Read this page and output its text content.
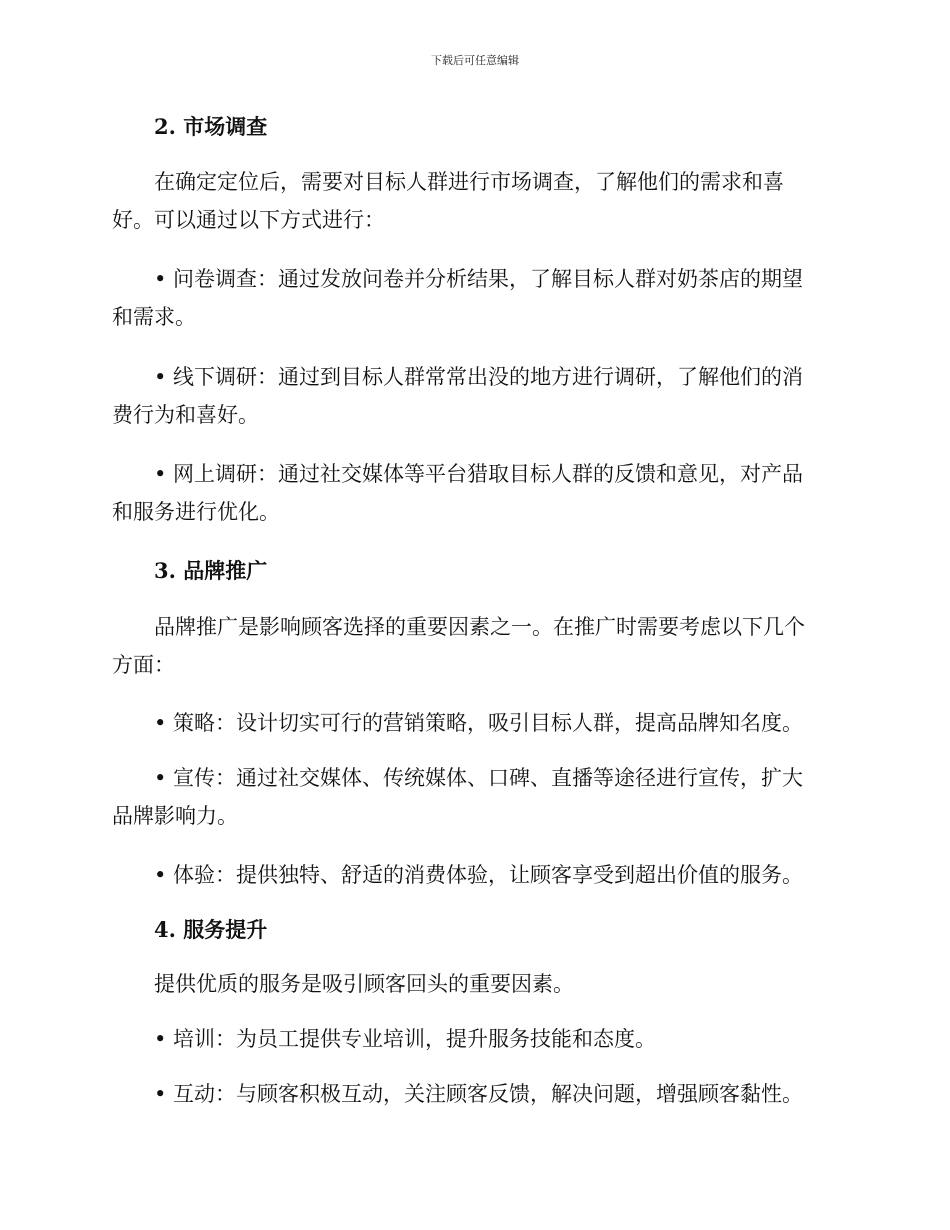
下载后可任意编辑
2. 市场调查
在确定定位后，需要对目标人群进行市场调查，了解他们的需求和喜好。可以通过以下方式进行：
• 问卷调查：通过发放问卷并分析结果，了解目标人群对奶茶店的期望和需求。
• 线下调研：通过到目标人群常常出没的地方进行调研，了解他们的消费行为和喜好。
• 网上调研：通过社交媒体等平台猎取目标人群的反馈和意见，对产品和服务进行优化。
3. 品牌推广
品牌推广是影响顾客选择的重要因素之一。在推广时需要考虑以下几个方面：
• 策略：设计切实可行的营销策略，吸引目标人群，提高品牌知名度。
• 宣传：通过社交媒体、传统媒体、口碑、直播等途径进行宣传，扩大品牌影响力。
• 体验：提供独特、舒适的消费体验，让顾客享受到超出价值的服务。
4. 服务提升
提供优质的服务是吸引顾客回头的重要因素。
• 培训：为员工提供专业培训，提升服务技能和态度。
• 互动：与顾客积极互动，关注顾客反馈，解决问题，增强顾客黏性。
